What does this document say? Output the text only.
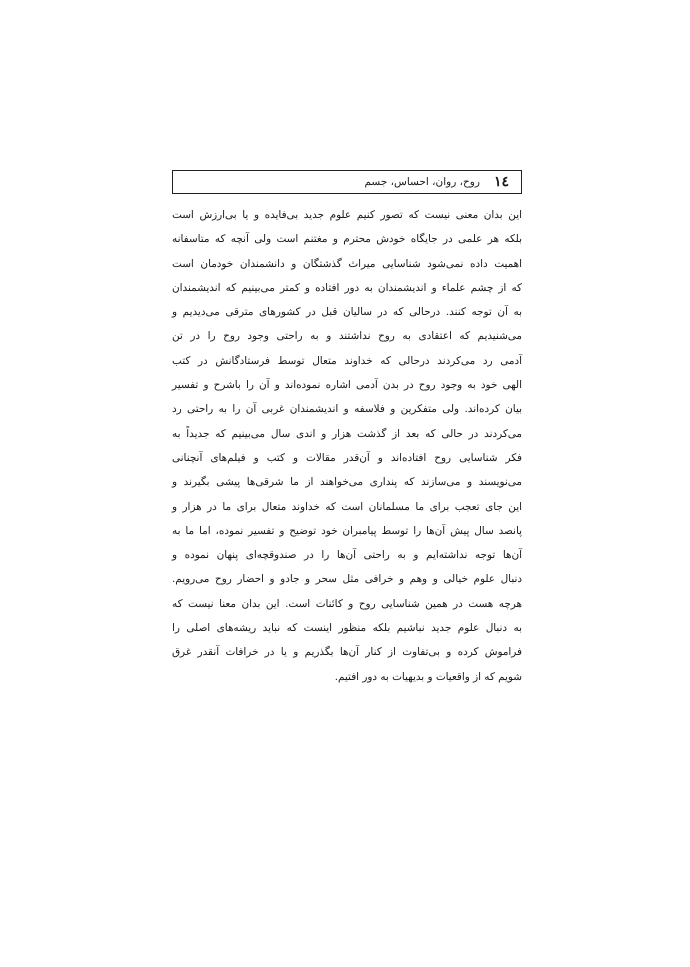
١٤
روح، روان، احساس، جسم
این بدان معنی نیست که تصور کنیم علوم جدید بی‌فایده و یا بی‌ارزش است
بلکه هر علمی در جایگاه خودش محترم و مغتنم است ولی آنچه که متاسفانه
اهمیت داده نمی‌شود شناسایی میراث گذشتگان و دانشمندان خودمان است
که از چشم علماء و اندیشمندان به دور افتاده و کمتر می‌بینیم که اندیشمندان
به آن توجه کنند. درحالی که در سالیان قبل در کشورهای مترقی می‌دیدیم و
می‌شنیدیم که اعتقادی به روح نداشتند و به راحتی وجود روح را در تن
آدمی رد می‌کردند درحالی که خداوند متعال توسط فرستادگانش در کتب
الهی خود به وجود روح در بدن آدمی اشاره نموده‌اند و آن را باشرح و تفسیر
بیان کرده‌اند. ولی متفکرین و فلاسفه و اندیشمندان غربی آن را به راحتی رد
می‌کردند در حالی که بعد از گذشت هزار و اندی سال می‌بینیم که جدیداً به
فکر شناسایی روح افتاده‌اند و آن‌قدر مقالات و کتب و فیلم‌های آنچنانی
می‌نویسند و می‌سازند که پنداری می‌خواهند از ما شرقی‌ها پیشی بگیرند و
این جای تعجب برای ما مسلمانان است که خداوند متعال برای ما در هزار و
پانصد سال پیش آن‌ها را توسط پیامبران خود توضیح و تفسیر نموده، اما ما به
آن‌ها توجه نداشته‌ایم و به راحتی آن‌ها را در صندوقچه‌ای پنهان نموده و
دنبال علوم خیالی و وهم و خرافی مثل سحر و جادو و احضار روح می‌رویم.
هرچه هست در همین شناسایی روح و کائنات است. این بدان معنا نیست که
به دنبال علوم جدید نباشیم بلکه منظور اینست که نباید ریشه‌های اصلی را
فراموش کرده و بی‌تفاوت از کنار آن‌ها بگذریم و یا در خرافات آنقدر غرق
شویم که از واقعیات و بدیهیات به دور افتیم.
